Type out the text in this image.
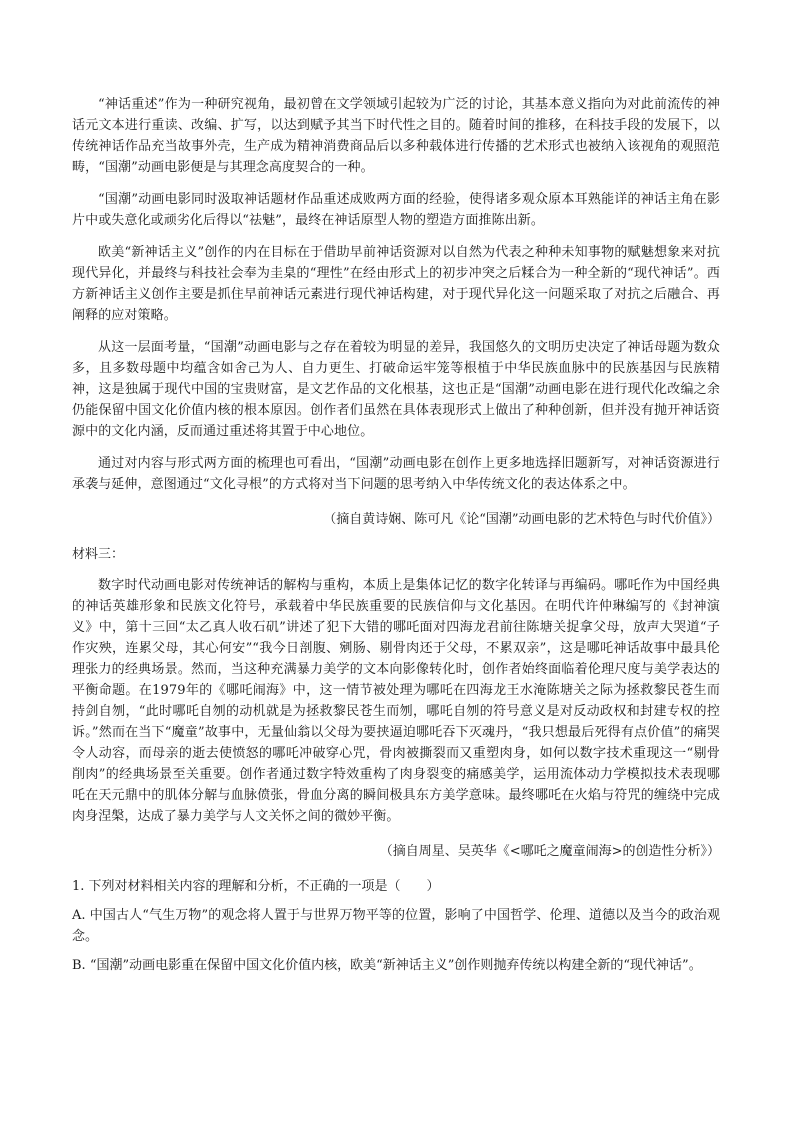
“神话重述”作为一种研究视角，最初曾在文学领域引起较为广泛的讨论，其基本意义指向为对此前流传的神话元文本进行重读、改编、扩写，以达到赋予其当下时代性之目的。随着时间的推移，在科技手段的发展下，以传统神话作品充当故事外壳，生产成为精神消费商品后以多种载体进行传播的艺术形式也被纳入该视角的观照范畴，“国潮”动画电影便是与其理念高度契合的一种。

“国潮”动画电影同时汲取神话题材作品重述成败两方面的经验，使得诸多观众原本耳熟能详的神话主角在影片中或失意化或顽劣化后得以“祛魅”，最终在神话原型人物的塑造方面推陈出新。

欧美“新神话主义”创作的内在目标在于借助早前神话资源对以自然为代表之种种未知事物的赋魅想象来对抗现代异化，并最终与科技社会奉为圭臬的“理性”在经由形式上的初步冲突之后糅合为一种全新的“现代神话”。西方新神话主义创作主要是抓住早前神话元素进行现代神话构建，对于现代异化这一问题采取了对抗之后融合、再阐释的应对策略。

从这一层面考量，“国潮”动画电影与之存在着较为明显的差异，我国悠久的文明历史决定了神话母题为数众多，且多数母题中均蕴含如舍己为人、自力更生、打破命运牢笼等根植于中华民族血脉中的民族基因与民族精神，这是独属于现代中国的宝贵财富，是文艺作品的文化根基，这也正是“国潮”动画电影在进行现代化改编之余仍能保留中国文化价值内核的根本原因。创作者们虽然在具体表现形式上做出了种种创新，但并没有抛开神话资源中的文化内涵，反而通过重述将其置于中心地位。

通过对内容与形式两方面的梳理也可看出，“国潮”动画电影在创作上更多地选择旧题新写，对神话资源进行承袭与延伸，意图通过“文化寻根”的方式将对当下问题的思考纳入中华传统文化的表达体系之中。

（摘自黄诗娴、陈可凡《论“国潮”动画电影的艺术特色与时代价值》）
材料三：

数字时代动画电影对传统神话的解构与重构，本质上是集体记忆的数字化转译与再编码。哪吒作为中国经典的神话英雄形象和民族文化符号，承载着中华民族重要的民族信仰与文化基因。在明代许仲琳编写的《封神演义》中，第十三回“太乙真人收石矶”讲述了犯下大错的哪吒面对四海龙君前往陈塘关捉拿父母，放声大哭道“子作灾殃，连累父母，其心何安”“我今日剖腹、剜肠、剔骨肉还于父母，不累双亲”，这是哪吒神话故事中最具伦理张力的经典场景。然而，当这种充满暴力美学的文本向影像转化时，创作者始终面临着伦理尺度与美学表达的平衡命题。在1979年的《哪吒闹海》中，这一情节被处理为哪吒在四海龙王水淹陈塘关之际为拯救黎民苍生而持剑自刎，“此时哪吒自刎的动机就是为拯救黎民苍生而刎，哪吒自刎的符号意义是对反动政权和封建专权的控诉。”然而在当下“魔童”故事中，无量仙翁以父母为要挟逼迫哪吒吞下灭魂丹，“我只想最后死得有点价值”的痛哭令人动容，而母亲的逝去使愤怒的哪吒冲破穿心咒，骨肉被撕裂而又重塑肉身，如何以数字技术重现这一“剔骨削肉”的经典场景至关重要。创作者通过数字特效重构了肉身裂变的痛感美学，运用流体动力学模拟技术表现哪吒在天元鼎中的肌体分解与血脉偾张，骨血分离的瞬间极具东方美学意味。最终哪吒在火焰与符咒的缠绕中完成肉身涅槃，达成了暴力美学与人文关怀之间的微妙平衡。

（摘自周星、吴英华《<哪吒之魔童闹海>的创造性分析》）
1. 下列对材料相关内容的理解和分析，不正确的一项是（　　）
A. 中国古人“气生万物”的观念将人置于与世界万物平等的位置，影响了中国哲学、伦理、道德以及当今的政治观念。
B. “国潮”动画电影重在保留中国文化价值内核，欧美“新神话主义”创作则抛弃传统以构建全新的“现代神话”。
